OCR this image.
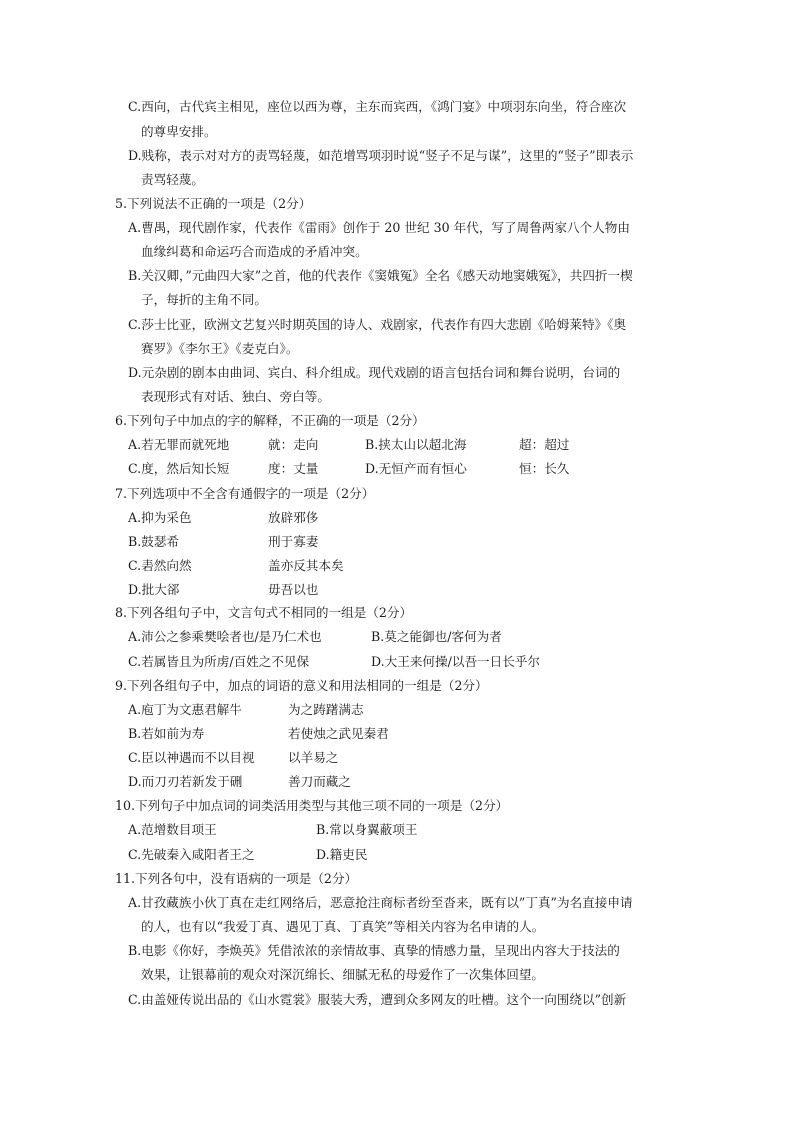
C.西向，古代宾主相见，座位以西为尊，主东而宾西，《鸿门宴》中项羽东向坐，符合座次
的尊卑安排。
D.贱称，表示对对方的责骂轻蔑，如范增骂项羽时说“竖子不足与谋”，这里的“竖子”即表示
责骂轻蔑。
5.下列说法不正确的一项是（2分）
A.曹禺，现代剧作家，代表作《雷雨》创作于 20 世纪 30 年代，写了周鲁两家八个人物由
血缘纠葛和命运巧合而造成的矛盾冲突。
B.关汉卿，”元曲四大家”之首，他的代表作《窦娥冤》全名《感天动地窦娥冤》，共四折一楔
子，每折的主角不同。
C.莎士比亚，欧洲文艺复兴时期英国的诗人、戏剧家，代表作有四大悲剧《哈姆莱特》《奥
赛罗》《李尔王》《麦克白》。
D.元杂剧的剧本由曲词、宾白、科介组成。现代戏剧的语言包括台词和舞台说明，台词的
表现形式有对话、独白、旁白等。
6.下列句子中加点的字的解释，不正确的一项是（2分）
A.若无罪而就死地	就：走向	B.挟太山以超北海	超：超过
C.度，然后知长短	度：丈量	D.无恒产而有恒心	恒：长久
7.下列选项中不全含有通假字的一项是（2分）
A.抑为采色	放辟邪侈
B.鼓瑟希	刑于寡妻
C.砉然向然	盖亦反其本矣
D.批大郤	毋吾以也
8.下列各组句子中，文言句式不相同的一组是（2分）
A.沛公之参乘樊哙者也/是乃仁术也	B.莫之能御也/客何为者
C.若属皆且为所虏/百姓之不见保	D.大王来何操/以吾一日长乎尔
9.下列各组句子中，加点的词语的意义和用法相同的一组是（2分）
A.庖丁为文惠君解牛	为之踌躇满志
B.若如前为寿	若使烛之武见秦君
C.臣以神遇而不以目视	以羊易之
D.而刀刃若新发于硎	善刀而藏之
10.下列句子中加点词的词类活用类型与其他三项不同的一项是（2分）
A.范增数目项王	B.常以身翼蔽项王
C.先破秦入咸阳者王之	D.籍吏民
11.下列各句中，没有语病的一项是（2分）
A.甘孜藏族小伙丁真在走红网络后，恶意抢注商标者纷至沓来，既有以”丁真”为名直接申请
的人，也有以“我爱丁真、遇见丁真、丁真笑”等相关内容为名申请的人。
B.电影《你好，李焕英》凭借浓浓的亲情故事、真挚的情感力量，呈现出内容大于技法的
效果，让银幕前的观众对深沉绵长、细腻无私的母爱作了一次集体回望。
C.由盖娅传说出品的《山水霓裳》服装大秀，遭到众多网友的吐槽。这个一向围绕以”创新
